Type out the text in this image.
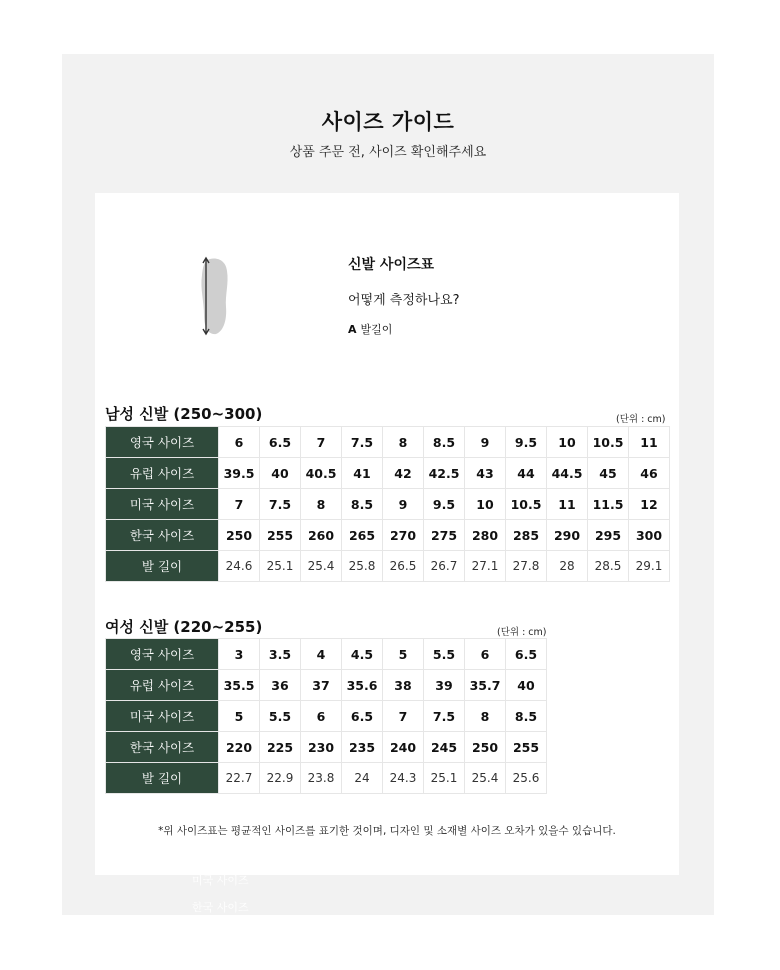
사이즈 가이드
상품 주문 전, 사이즈 확인해주세요
신발 사이즈표
어떻게 측정하나요?
A 발길이
남성 신발 (250~300)	(단위 : cm)
영국 사이즈	6	6.5	7	7.5	8	8.5	9	9.5	10	10.5	11
유럽 사이즈	39.5	40	40.5	41	42	42.5	43	44	44.5	45	46
미국 사이즈	7	7.5	8	8.5	9	9.5	10	10.5	11	11.5	12
한국 사이즈	250	255	260	265	270	275	280	285	290	295	300
발 길이	24.6	25.1	25.4	25.8	26.5	26.7	27.1	27.8	28	28.5	29.1
여성 신발 (220~255)	(단위 : cm)
영국 사이즈	3	3.5	4	4.5	5	5.5	6	6.5
유럽 사이즈	35.5	36	37	35.6	38	39	35.7	40
미국 사이즈	5	5.5	6	6.5	7	7.5	8	8.5
한국 사이즈	220	225	230	235	240	245	250	255
발 길이	22.7	22.9	23.8	24	24.3	25.1	25.4	25.6
*위 사이즈표는 평균적인 사이즈를 표기한 것이며, 디자인 및 소재별 사이즈 오차가 있을수 있습니다.
미국 사이즈
한국 사이즈
